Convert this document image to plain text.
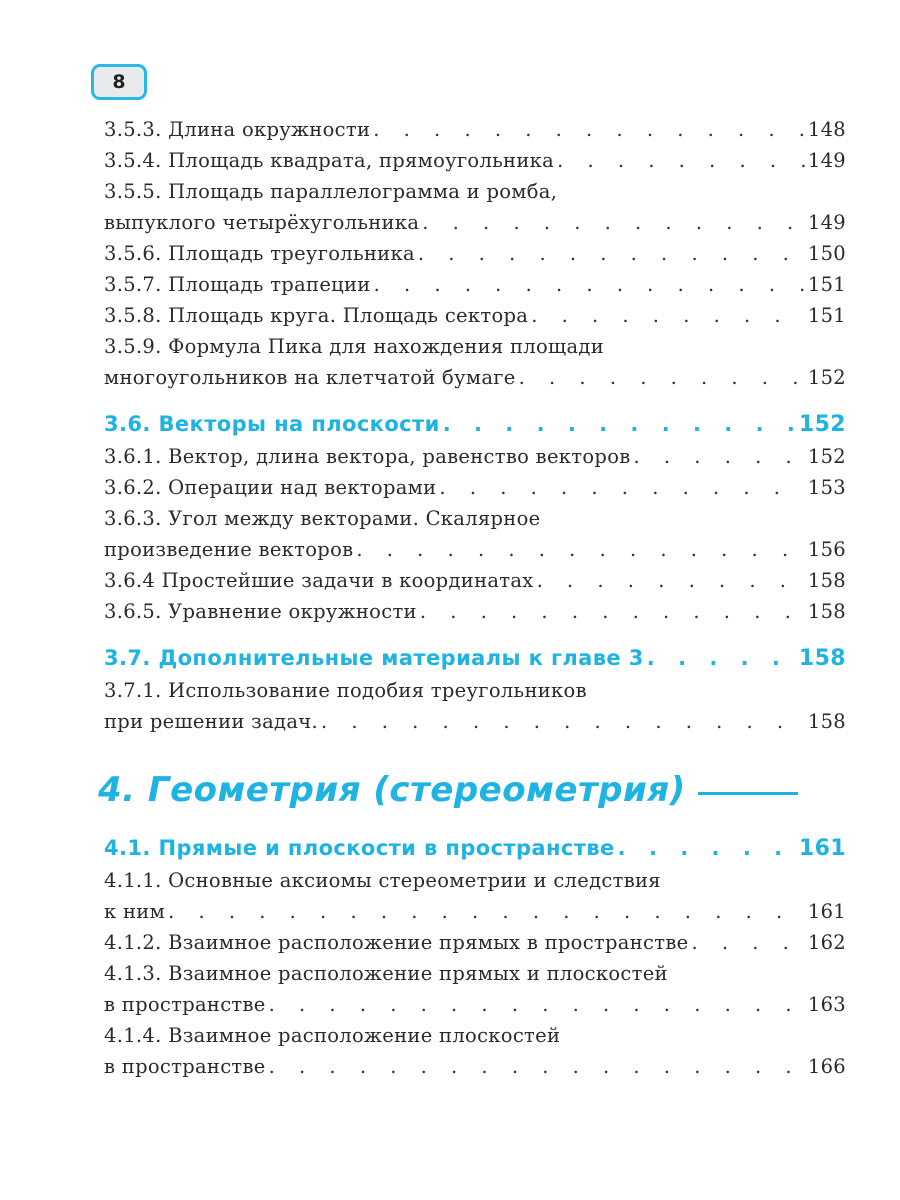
8
3.5.3. Длина окружности . . .	148
3.5.4. Площадь квадрата, прямоугольника . . .	149
3.5.5. Площадь параллелограмма и ромба,
выпуклого четырёхугольника . . .	149
3.5.6. Площадь треугольника . . .	150
3.5.7. Площадь трапеции . . .	151
3.5.8. Площадь круга. Площадь сектора . . .	151
3.5.9. Формула Пика для нахождения площади
многоугольников на клетчатой бумаге . . .	152
3.6. Векторы на плоскости . . .	152
3.6.1. Вектор, длина вектора, равенство векторов . . .	152
3.6.2. Операции над векторами . . .	153
3.6.3. Угол между векторами. Скалярное
произведение векторов . . .	156
3.6.4 Простейшие задачи в координатах . . .	158
3.6.5. Уравнение окружности . . .	158
3.7. Дополнительные материалы к главе 3 . . .	158
3.7.1. Использование подобия треугольников
при решении задач. . . .	158
4. Геометрия (стереометрия)
4.1. Прямые и плоскости в пространстве . . .	161
4.1.1. Основные аксиомы стереометрии и следствия
к ним . . .	161
4.1.2. Взаимное расположение прямых в пространстве . . .	162
4.1.3. Взаимное расположение прямых и плоскостей
в пространстве . . .	163
4.1.4. Взаимное расположение плоскостей
в пространстве . . .	166
